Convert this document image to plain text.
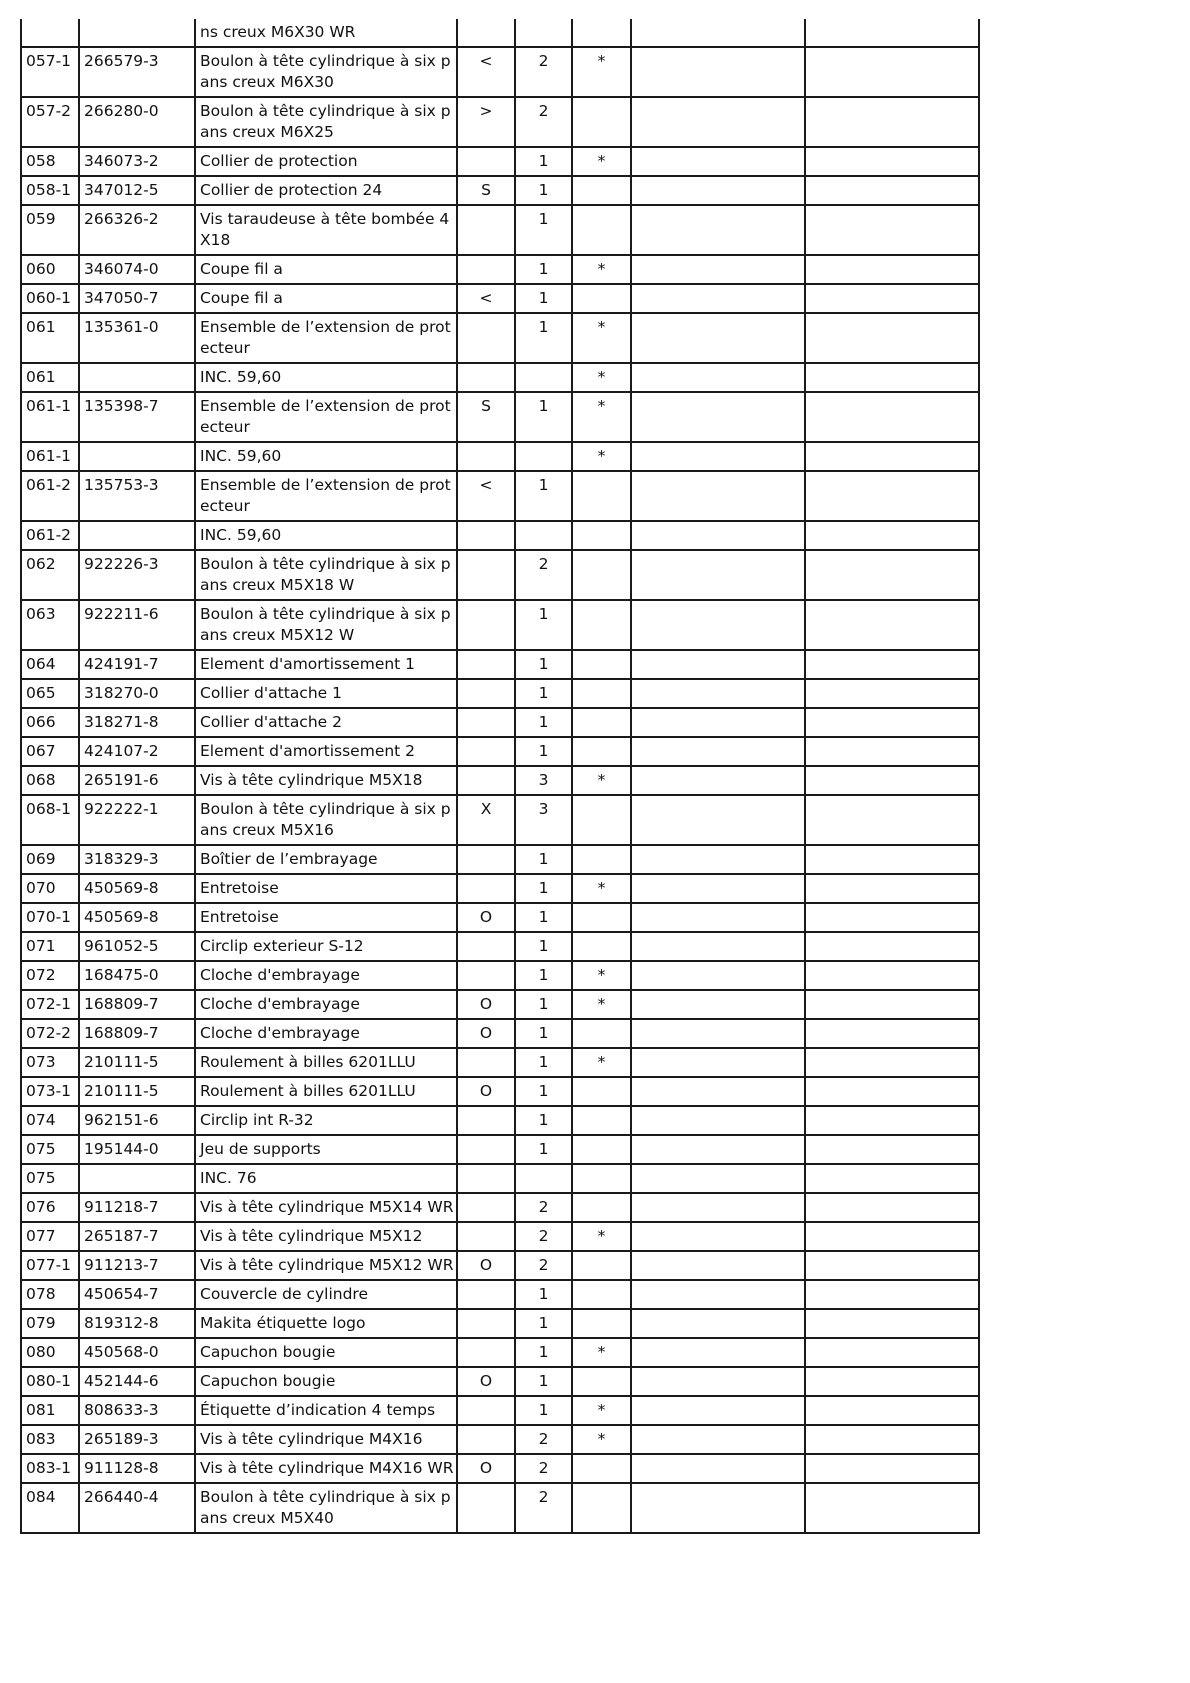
		ns creux M6X30 WR					
057-1	266579-3	Boulon à tête cylindrique à six pans creux M6X30	<	2	*		
057-2	266280-0	Boulon à tête cylindrique à six pans creux M6X25	>	2			
058	346073-2	Collier de protection		1	*		
058-1	347012-5	Collier de protection 24	S	1			
059	266326-2	Vis taraudeuse à tête bombée 4X18		1			
060	346074-0	Coupe fil a		1	*		
060-1	347050-7	Coupe fil a	<	1			
061	135361-0	Ensemble de l’extension de protecteur		1	*		
061		INC. 59,60			*		
061-1	135398-7	Ensemble de l’extension de protecteur	S	1	*		
061-1		INC. 59,60			*		
061-2	135753-3	Ensemble de l’extension de protecteur	<	1			
061-2		INC. 59,60					
062	922226-3	Boulon à tête cylindrique à six pans creux M5X18 W		2			
063	922211-6	Boulon à tête cylindrique à six pans creux M5X12 W		1			
064	424191-7	Element d'amortissement 1		1			
065	318270-0	Collier d'attache 1		1			
066	318271-8	Collier d'attache 2		1			
067	424107-2	Element d'amortissement 2		1			
068	265191-6	Vis à tête cylindrique M5X18		3	*		
068-1	922222-1	Boulon à tête cylindrique à six pans creux M5X16	X	3			
069	318329-3	Boîtier de l’embrayage		1			
070	450569-8	Entretoise		1	*		
070-1	450569-8	Entretoise	O	1			
071	961052-5	Circlip exterieur S-12		1			
072	168475-0	Cloche d'embrayage		1	*		
072-1	168809-7	Cloche d'embrayage	O	1	*		
072-2	168809-7	Cloche d'embrayage	O	1			
073	210111-5	Roulement à billes 6201LLU		1	*		
073-1	210111-5	Roulement à billes 6201LLU	O	1			
074	962151-6	Circlip int R-32		1			
075	195144-0	Jeu de supports		1			
075		INC. 76					
076	911218-7	Vis à tête cylindrique M5X14 WR		2			
077	265187-7	Vis à tête cylindrique M5X12		2	*		
077-1	911213-7	Vis à tête cylindrique M5X12 WR	O	2			
078	450654-7	Couvercle de cylindre		1			
079	819312-8	Makita étiquette logo		1			
080	450568-0	Capuchon bougie		1	*		
080-1	452144-6	Capuchon bougie	O	1			
081	808633-3	Étiquette d’indication 4 temps		1	*		
083	265189-3	Vis à tête cylindrique M4X16		2	*		
083-1	911128-8	Vis à tête cylindrique M4X16 WR	O	2			
084	266440-4	Boulon à tête cylindrique à six pans creux M5X40		2			
